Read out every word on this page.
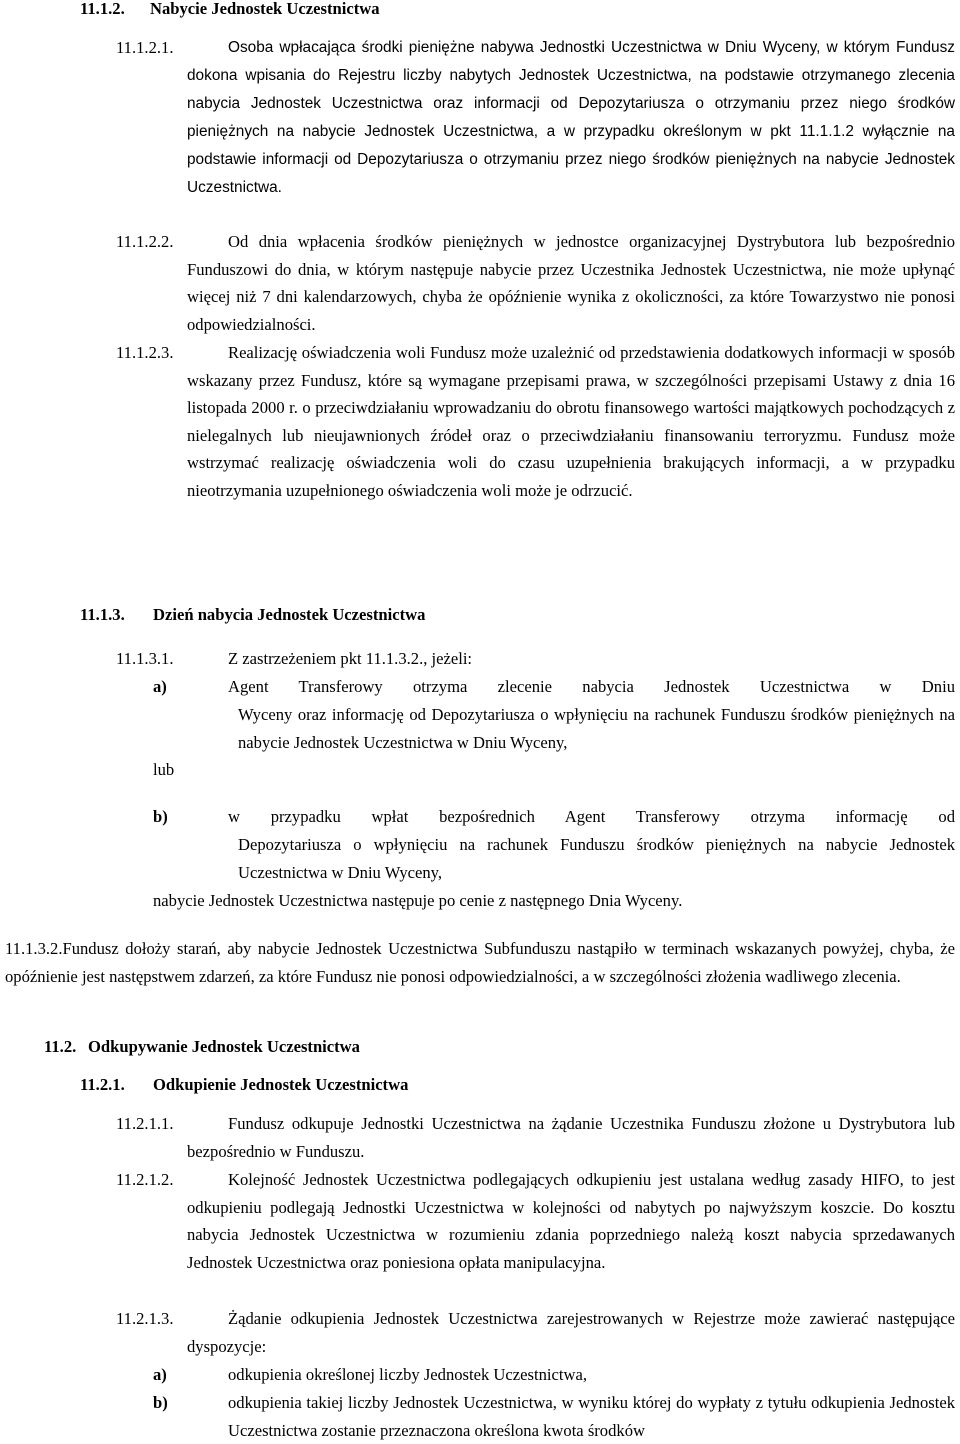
11.1.2. Nabycie Jednostek Uczestnictwa
11.1.2.1.	Osoba wpłacająca środki pieniężne nabywa Jednostki Uczestnictwa w Dniu Wyceny, w którym Fundusz dokona wpisania do Rejestru liczby nabytych Jednostek Uczestnictwa, na podstawie otrzymanego zlecenia nabycia Jednostek Uczestnictwa oraz informacji od Depozytariusza o otrzymaniu przez niego środków pieniężnych na nabycie Jednostek Uczestnictwa, a w przypadku określonym w pkt 11.1.1.2 wyłącznie na podstawie informacji od Depozytariusza o otrzymaniu przez niego środków pieniężnych na nabycie Jednostek Uczestnictwa.
11.1.2.2.	Od dnia wpłacenia środków pieniężnych w jednostce organizacyjnej Dystrybutora lub bezpośrednio Funduszowi do dnia, w którym następuje nabycie przez Uczestnika Jednostek Uczestnictwa, nie może upłynąć więcej niż 7 dni kalendarzowych, chyba że opóźnienie wynika z okoliczności, za które Towarzystwo nie ponosi odpowiedzialności.
11.1.2.3.	Realizację oświadczenia woli Fundusz może uzależnić od przedstawienia dodatkowych informacji w sposób wskazany przez Fundusz, które są wymagane przepisami prawa, w szczególności przepisami Ustawy z dnia 16 listopada 2000 r. o przeciwdziałaniu wprowadzaniu do obrotu finansowego wartości majątkowych pochodzących z nielegalnych lub nieujawnionych źródeł oraz o przeciwdziałaniu finansowaniu terroryzmu. Fundusz może wstrzymać realizację oświadczenia woli do czasu uzupełnienia brakujących informacji, a w przypadku nieotrzymania uzupełnionego oświadczenia woli może je odrzucić.
11.1.3. Dzień nabycia Jednostek Uczestnictwa
11.1.3.1.	Z zastrzeżeniem pkt 11.1.3.2., jeżeli:
a)	Agent Transferowy otrzyma zlecenie nabycia Jednostek Uczestnictwa w Dniu
Wyceny oraz informację od Depozytariusza o wpłynięciu na rachunek Funduszu środków pieniężnych na nabycie Jednostek Uczestnictwa w Dniu Wyceny,
lub
b)	w przypadku wpłat bezpośrednich Agent Transferowy otrzyma informację od
Depozytariusza o wpłynięciu na rachunek Funduszu środków pieniężnych na nabycie Jednostek Uczestnictwa w Dniu Wyceny,
nabycie Jednostek Uczestnictwa następuje po cenie z następnego Dnia Wyceny.
11.1.3.2.Fundusz dołoży starań, aby nabycie Jednostek Uczestnictwa Subfunduszu nastąpiło w terminach wskazanych powyżej, chyba, że opóźnienie jest następstwem zdarzeń, za które Fundusz nie ponosi odpowiedzialności, a w szczególności złożenia wadliwego zlecenia.
11.2. Odkupywanie Jednostek Uczestnictwa
11.2.1. Odkupienie Jednostek Uczestnictwa
11.2.1.1.	Fundusz odkupuje Jednostki Uczestnictwa na żądanie Uczestnika Funduszu złożone u Dystrybutora lub bezpośrednio w Funduszu.
11.2.1.2.	Kolejność Jednostek Uczestnictwa podlegających odkupieniu jest ustalana według zasady HIFO, to jest odkupieniu podlegają Jednostki Uczestnictwa w kolejności od nabytych po najwyższym koszcie. Do kosztu nabycia Jednostek Uczestnictwa w rozumieniu zdania poprzedniego należą koszt nabycia sprzedawanych Jednostek Uczestnictwa oraz poniesiona opłata manipulacyjna.
11.2.1.3.	Żądanie odkupienia Jednostek Uczestnictwa zarejestrowanych w Rejestrze może zawierać następujące dyspozycje:
a)	odkupienia określonej liczby Jednostek Uczestnictwa,
b)	odkupienia takiej liczby Jednostek Uczestnictwa, w wyniku której do wypłaty z tytułu odkupienia Jednostek Uczestnictwa zostanie przeznaczona określona kwota środków
